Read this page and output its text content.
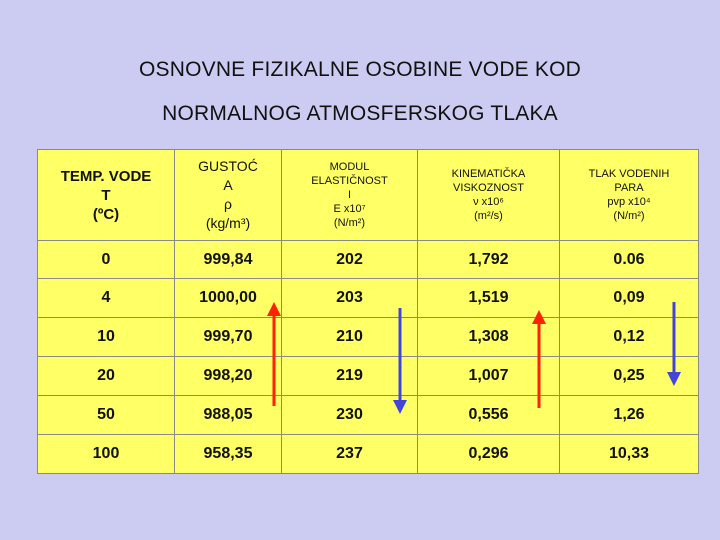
OSNOVNE FIZIKALNE OSOBINE VODE KOD
NORMALNOG ATMOSFERSKOG TLAKA
TEMP. VODE
T
(ºC)	GUSTOĆ
A
ρ
(kg/m³)	MODUL
ELASTIČNOST
I
E x10⁷
(N/m²)	KINEMATIČKA
VISKOZNOST
ν x10⁶
(m²/s)	TLAK VODENIH
PARA
pvp x10⁴
(N/m²)

0	999,84	202	1,792	0.06
4	1000,00	203	1,519	0,09
10	999,70	210	1,308	0,12
20	998,20	219	1,007	0,25
50	988,05	230	0,556	1,26
100	958,35	237	0,296	10,33
